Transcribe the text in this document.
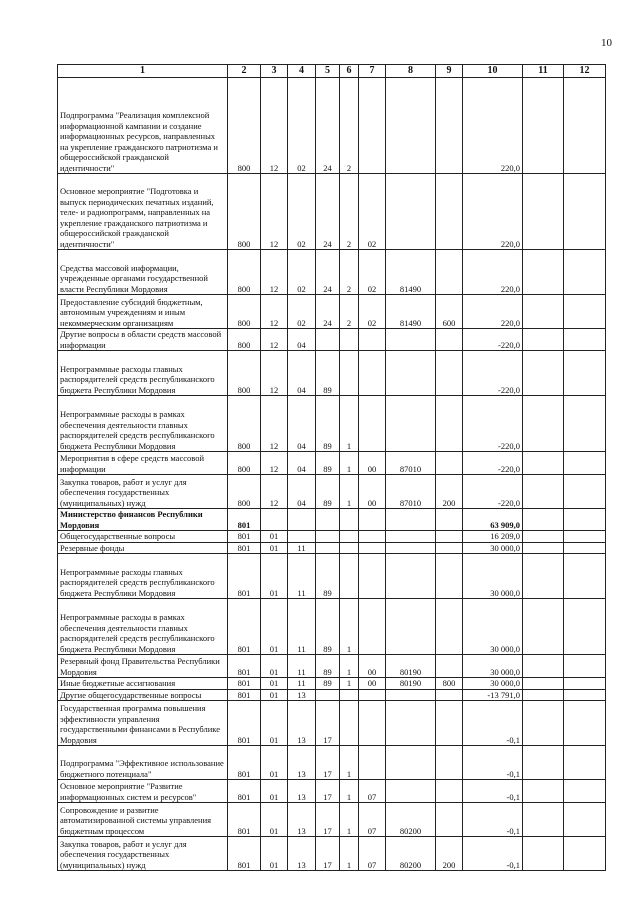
10
1	2	3	4	5	6	7	8	9	10	11	12
Подпрограмма "Реализация комплексной информационной кампании и создание информационных ресурсов, направленных на укрепление гражданского патриотизма и общероссийской гражданской идентичности"	800	12	02	24	2				220,0		
Основное мероприятие "Подготовка и выпуск периодических печатных изданий, теле- и радиопрограмм, направленных на укрепление гражданского патриотизма и общероссийской гражданской идентичности"	800	12	02	24	2	02			220,0		
Средства массовой информации, учрежденные органами государственной власти Республики Мордовия	800	12	02	24	2	02	81490		220,0		
Предоставление субсидий бюджетным, автономным учреждениям и иным некоммерческим организациям	800	12	02	24	2	02	81490	600	220,0		
Другие вопросы в области средств массовой информации	800	12	04						-220,0		
Непрограммные расходы главных распорядителей средств республиканского бюджета Республики Мордовия	800	12	04	89					-220,0		
Непрограммные расходы в рамках обеспечения деятельности главных распорядителей средств республиканского бюджета Республики Мордовия	800	12	04	89	1				-220,0		
Мероприятия в сфере средств массовой информации	800	12	04	89	1	00	87010		-220,0		
Закупка товаров, работ и услуг для обеспечения государственных (муниципальных) нужд	800	12	04	89	1	00	87010	200	-220,0		
Министерство финансов Республики Мордовия	801								63 909,0		
Общегосударственные вопросы	801	01							16 209,0		
Резервные фонды	801	01	11						30 000,0		
Непрограммные расходы главных распорядителей средств республиканского бюджета Республики Мордовия	801	01	11	89					30 000,0		
Непрограммные расходы в рамках обеспечения деятельности главных распорядителей средств республиканского бюджета Республики Мордовия	801	01	11	89	1				30 000,0		
Резервный фонд Правительства Республики Мордовия	801	01	11	89	1	00	80190		30 000,0		
Иные бюджетные ассигнования	801	01	11	89	1	00	80190	800	30 000,0		
Другие общегосударственные вопросы	801	01	13						-13 791,0		
Государственная программа повышения эффективности управления государственными финансами в Республике Мордовия	801	01	13	17					-0,1		
Подпрограмма "Эффективное использование бюджетного потенциала"	801	01	13	17	1				-0,1		
Основное мероприятие "Развитие информационных систем и ресурсов"	801	01	13	17	1	07			-0,1		
Сопровождение и развитие автоматизированной системы управления бюджетным процессом	801	01	13	17	1	07	80200		-0,1		
Закупка товаров, работ и услуг для обеспечения государственных (муниципальных) нужд	801	01	13	17	1	07	80200	200	-0,1		
